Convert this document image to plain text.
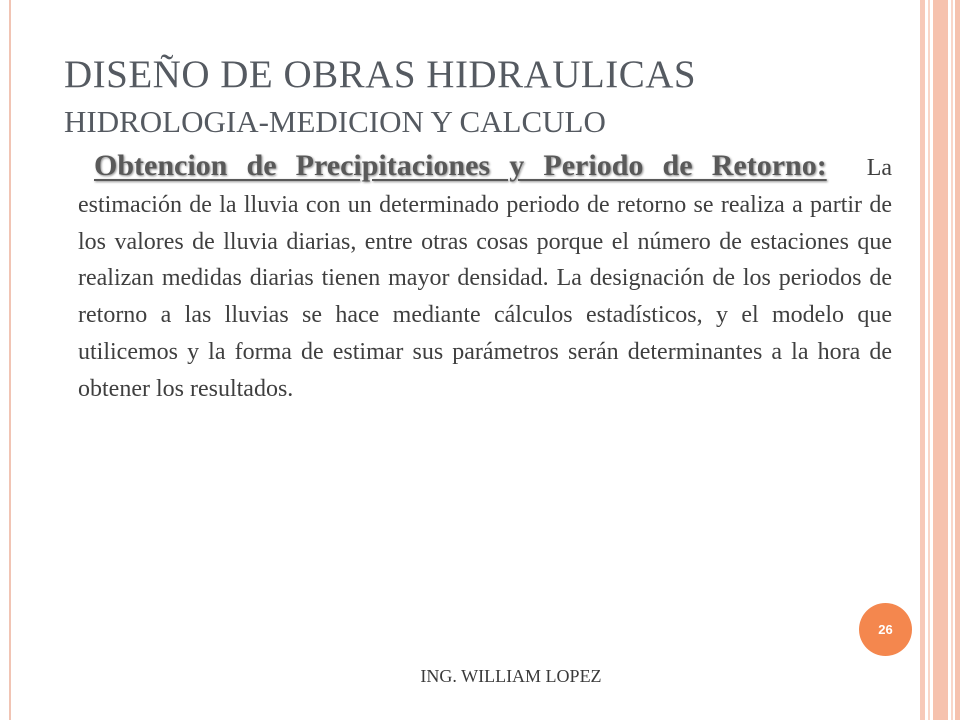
DISEÑO DE OBRAS HIDRAULICAS
HIDROLOGIA-MEDICION Y CALCULO
Obtencion de Precipitaciones y Periodo de Retorno: La estimación de la lluvia con un determinado periodo de retorno se realiza a partir de los valores de lluvia diarias, entre otras cosas porque el número de estaciones que realizan medidas diarias tienen mayor densidad. La designación de los periodos de retorno a las lluvias se hace mediante cálculos estadísticos, y el modelo que utilicemos y la forma de estimar sus parámetros serán determinantes a la hora de obtener los resultados.
26
ING. WILLIAM LOPEZ
